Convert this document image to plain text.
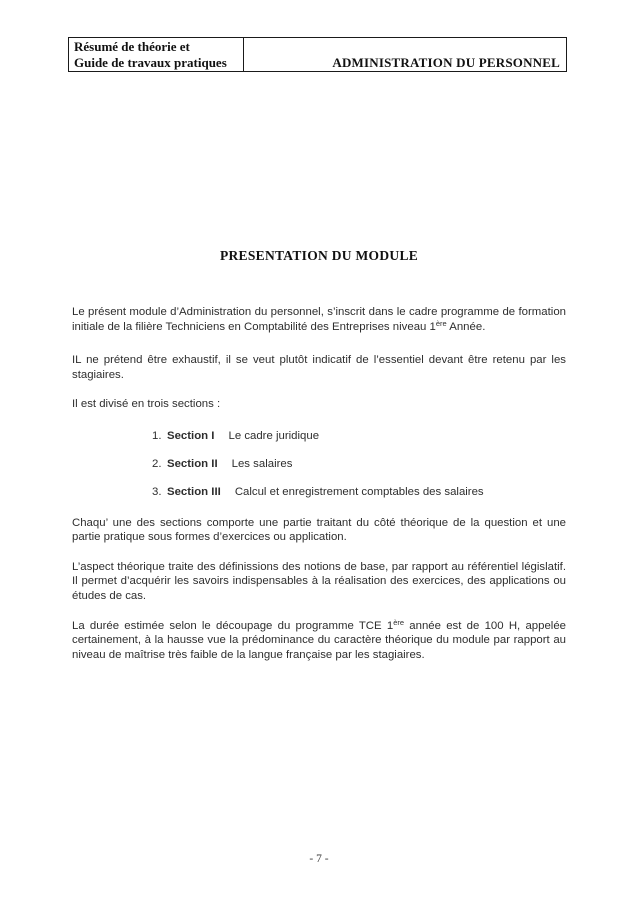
Résumé de théorie et
Guide de travaux pratiques	ADMINISTRATION DU PERSONNEL
PRESENTATION DU MODULE

Le présent module d’Administration du personnel, s’inscrit dans le cadre programme de formation initiale de la filière Techniciens en Comptabilité des Entreprises niveau 1ère Année.

IL ne prétend être exhaustif, il se veut plutôt indicatif de l’essentiel devant être retenu par les stagiaires.

Il est divisé en trois sections :

1. Section I Le cadre juridique
2. Section II Les salaires
3. Section III Calcul et enregistrement comptables des salaires

Chaqu’ une des sections comporte une partie traitant du côté théorique de la question et une partie pratique sous formes d’exercices ou application.

L’aspect théorique traite des définissions des notions de base, par rapport au référentiel législatif. Il permet d’acquérir les savoirs indispensables à la réalisation des exercices, des applications ou études de cas.

La durée estimée selon le découpage du programme TCE 1ère année est de 100 H, appelée certainement, à la hausse vue la prédominance du caractère théorique du module par rapport au niveau de maîtrise très faible de la langue française par les stagiaires.

- 7 -
